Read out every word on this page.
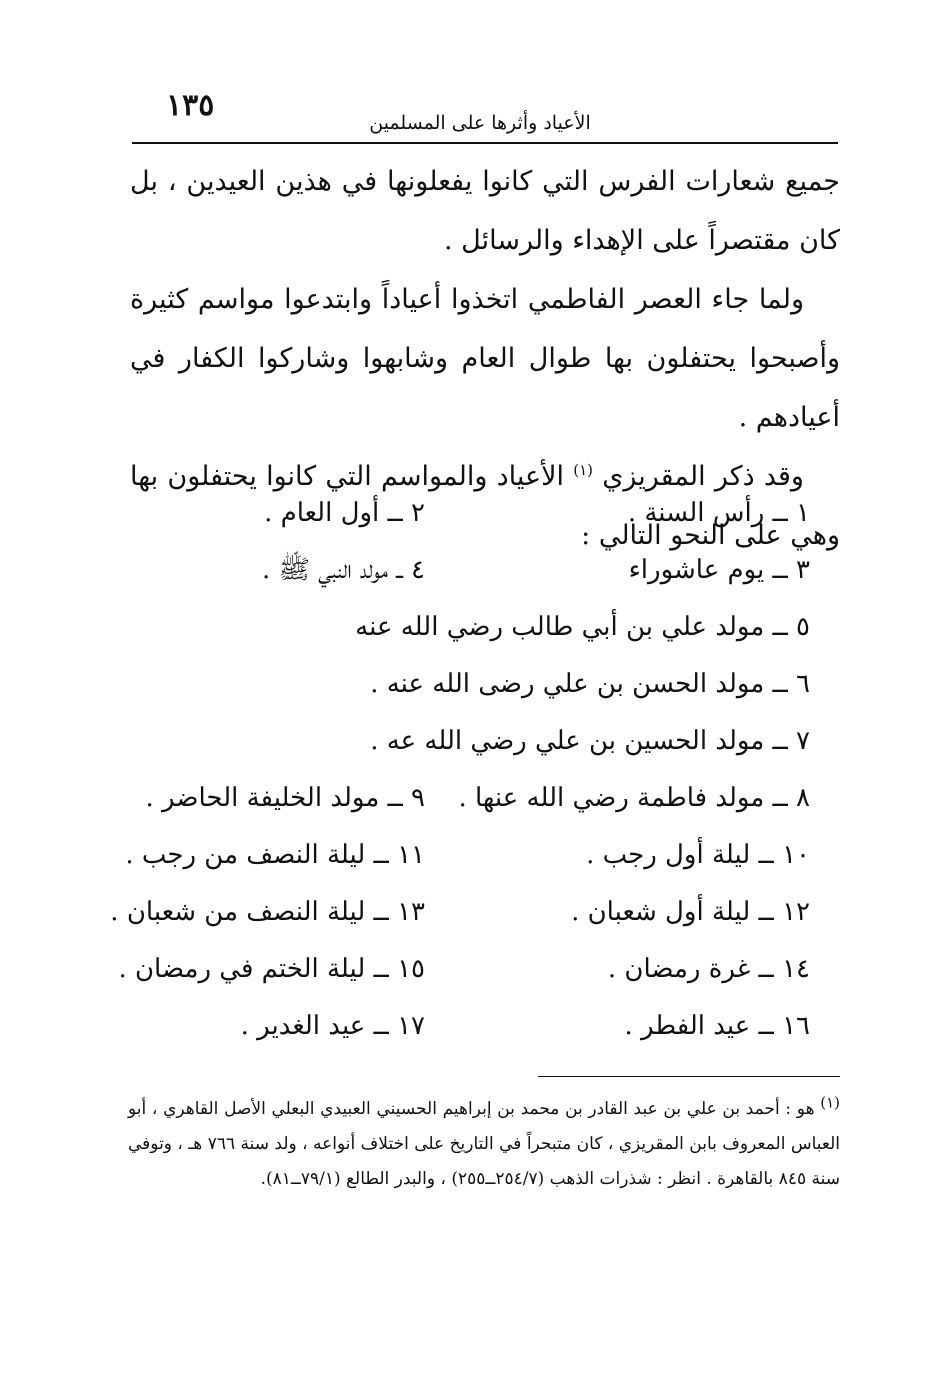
١٣٥	الأعياد وأثرها على المسلمين

جميع شعارات الفرس التي كانوا يفعلونها في هذين العيدين ، بل كان مقتصراً على الإهداء والرسائل .

ولما جاء العصر الفاطمي اتخذوا أعياداً وابتدعوا مواسم كثيرة وأصبحوا يحتفلون بها طوال العام وشابهوا وشاركوا الكفار في أعيادهم .

وقد ذكر المقريزي $^{(١)}$ الأعياد والمواسم التي كانوا يحتفلون بها وهي على النحو التالي :

١ ــ رأس السنة .
٢ ــ أول العام .
٣ ــ يوم عاشوراء
٤ ــ مولد النبي ﷺ .
٥ ــ مولد علي بن أبي طالب رضي الله عنه
٦ ــ مولد الحسن بن علي رضى الله عنه .
٧ ــ مولد الحسين بن علي رضي الله عه .
٨ ــ مولد فاطمة رضي الله عنها .
٩ ــ مولد الخليفة الحاضر .
١٠ ــ ليلة أول رجب .
١١ ــ ليلة النصف من رجب .
١٢ ــ ليلة أول شعبان .
١٣ ــ ليلة النصف من شعبان .
١٤ ــ غرة رمضان .
١٥ ــ ليلة الختم في رمضان .
١٦ ــ عيد الفطر .
١٧ ــ عيد الغدير .

(١) هو : أحمد بن علي بن عبد القادر بن محمد بن إبراهيم الحسيني العبيدي البعلي الأصل القاهري ، أبو العباس المعروف بابن المقريزي ، كان متبحراً في التاريخ على اختلاف أنواعه ، ولد سنة ٧٦٦ هـ ، وتوفي سنة ٨٤٥ بالقاهرة . انظر : شذرات الذهب (٢٥٤/٧ــ٢٥٥) ، والبدر الطالع (٧٩/١ــ٨١).
